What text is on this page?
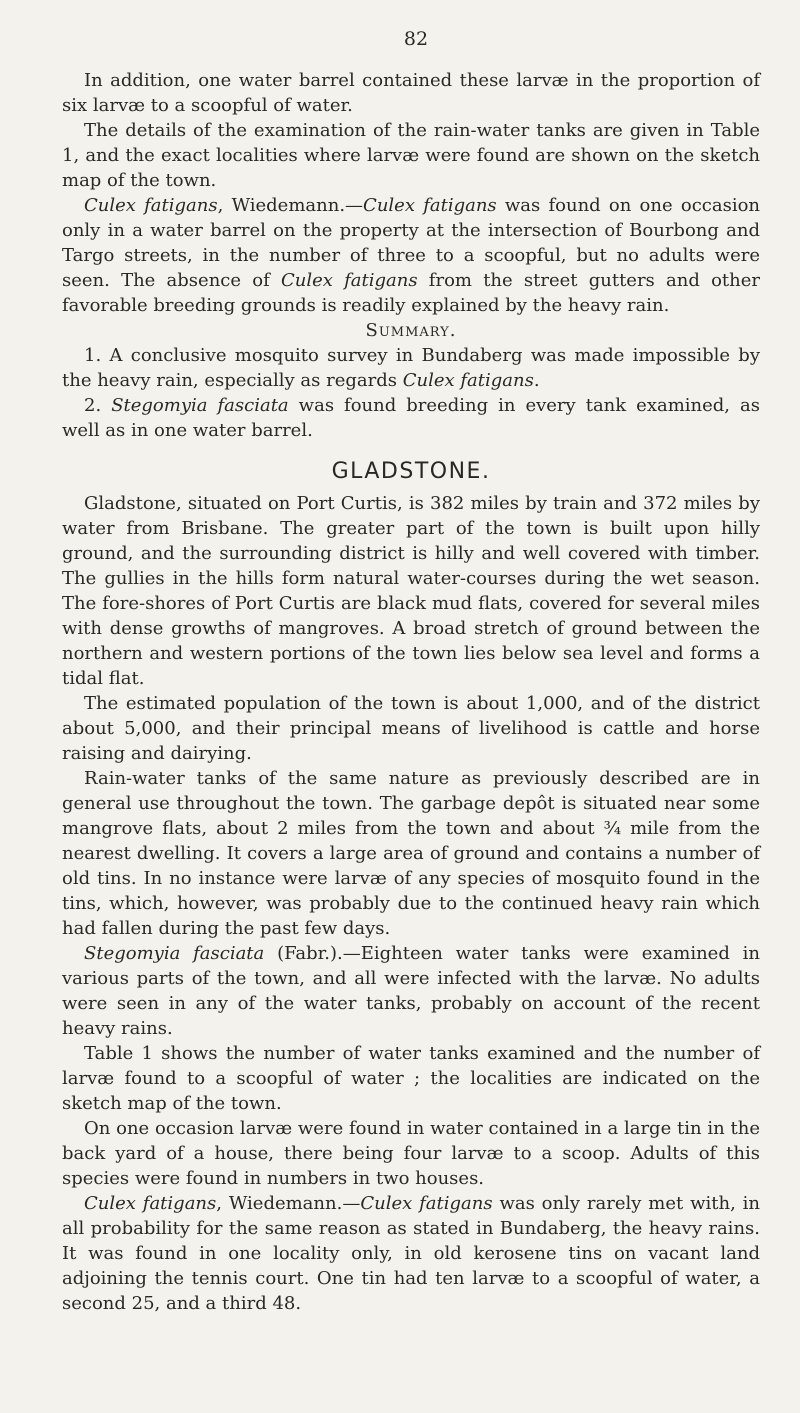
82

In addition, one water barrel contained these larvæ in the proportion of six larvæ to a scoopful of water.

The details of the examination of the rain-water tanks are given in Table 1, and the exact localities where larvæ were found are shown on the sketch map of the town.

Culex fatigans, Wiedemann.—Culex fatigans was found on one occasion only in a water barrel on the property at the intersection of Bourbong and Targo streets, in the number of three to a scoopful, but no adults were seen. The absence of Culex fatigans from the street gutters and other favorable breeding grounds is readily explained by the heavy rain.

Summary.

1. A conclusive mosquito survey in Bundaberg was made impossible by the heavy rain, especially as regards Culex fatigans.

2. Stegomyia fasciata was found breeding in every tank examined, as well as in one water barrel.

GLADSTONE.

Gladstone, situated on Port Curtis, is 382 miles by train and 372 miles by water from Brisbane. The greater part of the town is built upon hilly ground, and the surrounding district is hilly and well covered with timber. The gullies in the hills form natural water-courses during the wet season. The fore-shores of Port Curtis are black mud flats, covered for several miles with dense growths of mangroves. A broad stretch of ground between the northern and western portions of the town lies below sea level and forms a tidal flat.

The estimated population of the town is about 1,000, and of the district about 5,000, and their principal means of livelihood is cattle and horse raising and dairying.

Rain-water tanks of the same nature as previously described are in general use throughout the town. The garbage depôt is situated near some mangrove flats, about 2 miles from the town and about ¾ mile from the nearest dwelling. It covers a large area of ground and contains a number of old tins. In no instance were larvæ of any species of mosquito found in the tins, which, however, was probably due to the continued heavy rain which had fallen during the past few days.

Stegomyia fasciata (Fabr.).—Eighteen water tanks were examined in various parts of the town, and all were infected with the larvæ. No adults were seen in any of the water tanks, probably on account of the recent heavy rains.

Table 1 shows the number of water tanks examined and the number of larvæ found to a scoopful of water ; the localities are indicated on the sketch map of the town.

On one occasion larvæ were found in water contained in a large tin in the back yard of a house, there being four larvæ to a scoop. Adults of this species were found in numbers in two houses.

Culex fatigans, Wiedemann.—Culex fatigans was only rarely met with, in all probability for the same reason as stated in Bundaberg, the heavy rains. It was found in one locality only, in old kerosene tins on vacant land adjoining the tennis court. One tin had ten larvæ to a scoopful of water, a second 25, and a third 48.
